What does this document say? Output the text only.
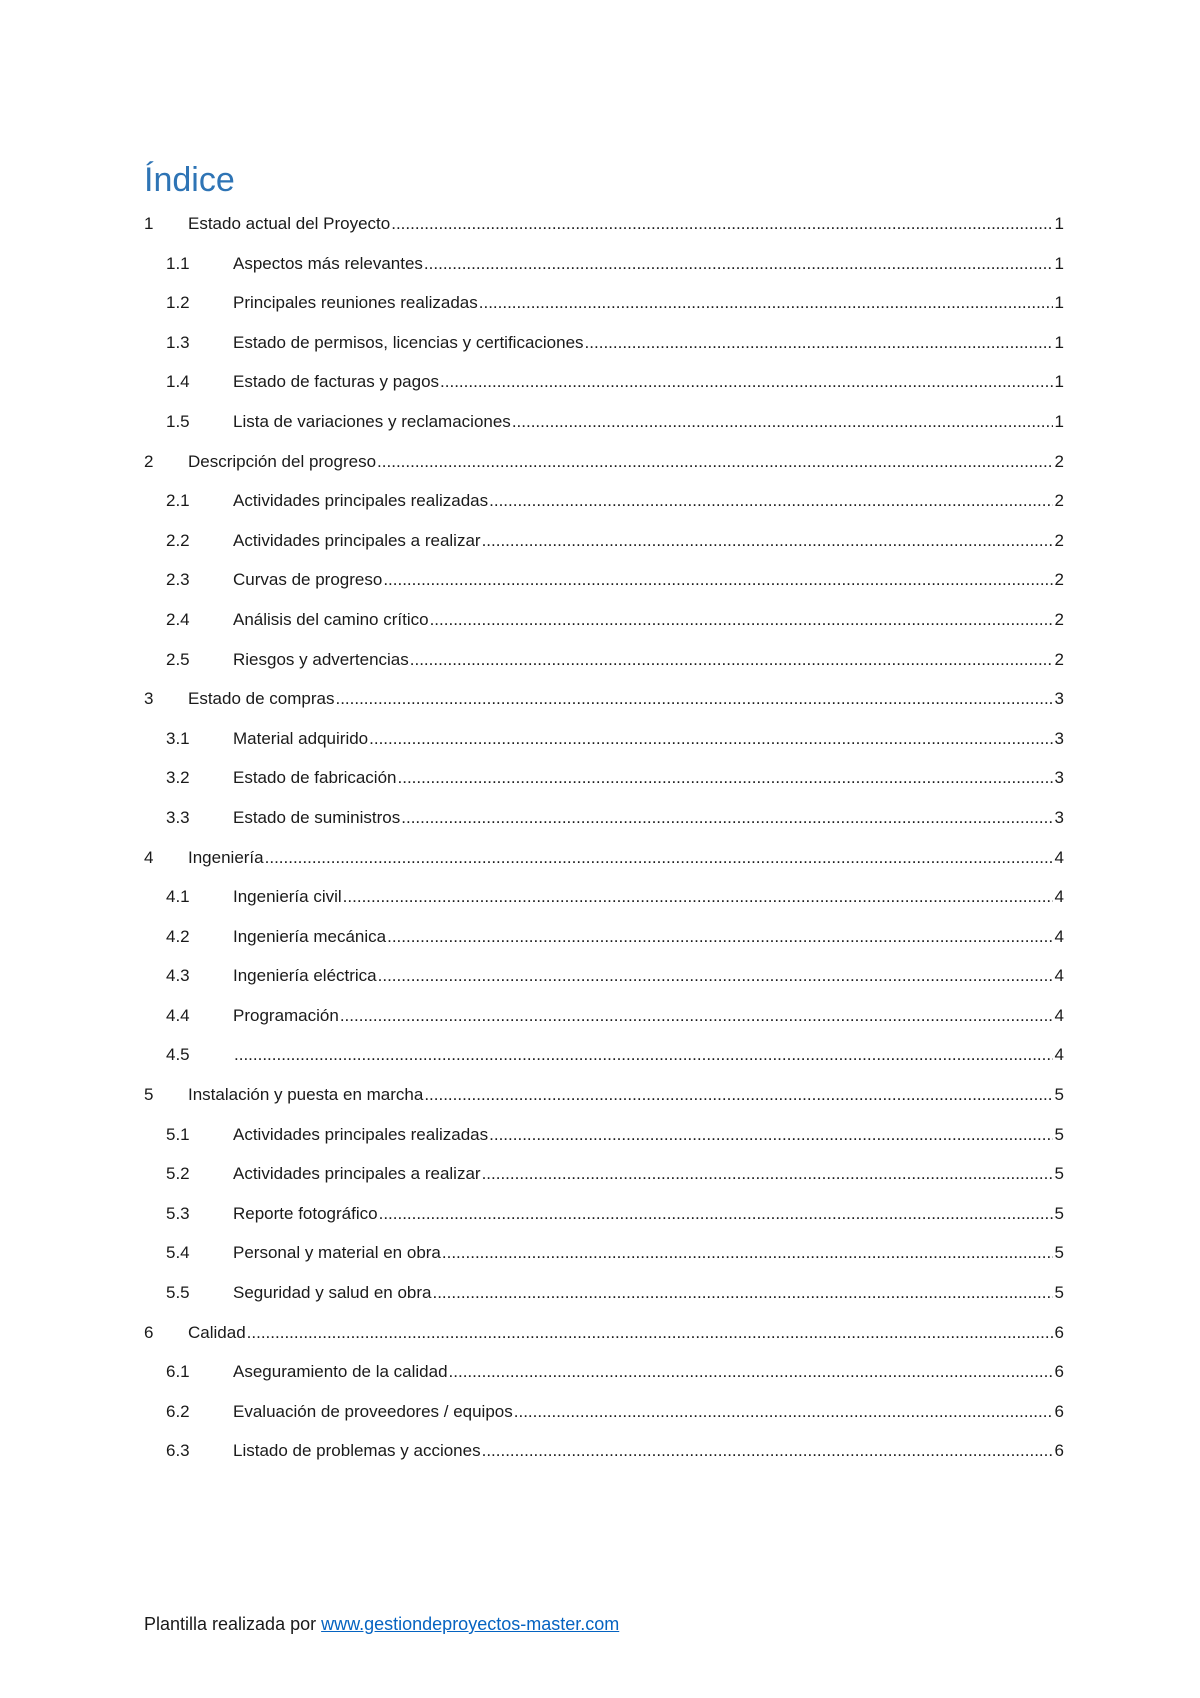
Índice
1	Estado actual del Proyecto .....	1
1.1	Aspectos más relevantes .....	1
1.2	Principales reuniones realizadas .....	1
1.3	Estado de permisos, licencias y certificaciones .....	1
1.4	Estado de facturas y pagos .....	1
1.5	Lista de variaciones y reclamaciones .....	1
2	Descripción del progreso .....	2
2.1	Actividades principales realizadas .....	2
2.2	Actividades principales a realizar .....	2
2.3	Curvas de progreso .....	2
2.4	Análisis del camino crítico .....	2
2.5	Riesgos y advertencias .....	2
3	Estado de compras .....	3
3.1	Material adquirido .....	3
3.2	Estado de fabricación .....	3
3.3	Estado de suministros .....	3
4	Ingeniería .....	4
4.1	Ingeniería civil .....	4
4.2	Ingeniería mecánica .....	4
4.3	Ingeniería eléctrica .....	4
4.4	Programación .....	4
4.5 .....	4
5	Instalación y puesta en marcha .....	5
5.1	Actividades principales realizadas .....	5
5.2	Actividades principales a realizar .....	5
5.3	Reporte fotográfico .....	5
5.4	Personal y material en obra .....	5
5.5	Seguridad y salud en obra .....	5
6	Calidad .....	6
6.1	Aseguramiento de la calidad .....	6
6.2	Evaluación de proveedores / equipos .....	6
6.3	Listado de problemas y acciones .....	6
Plantilla realizada por www.gestiondeproyectos-master.com
